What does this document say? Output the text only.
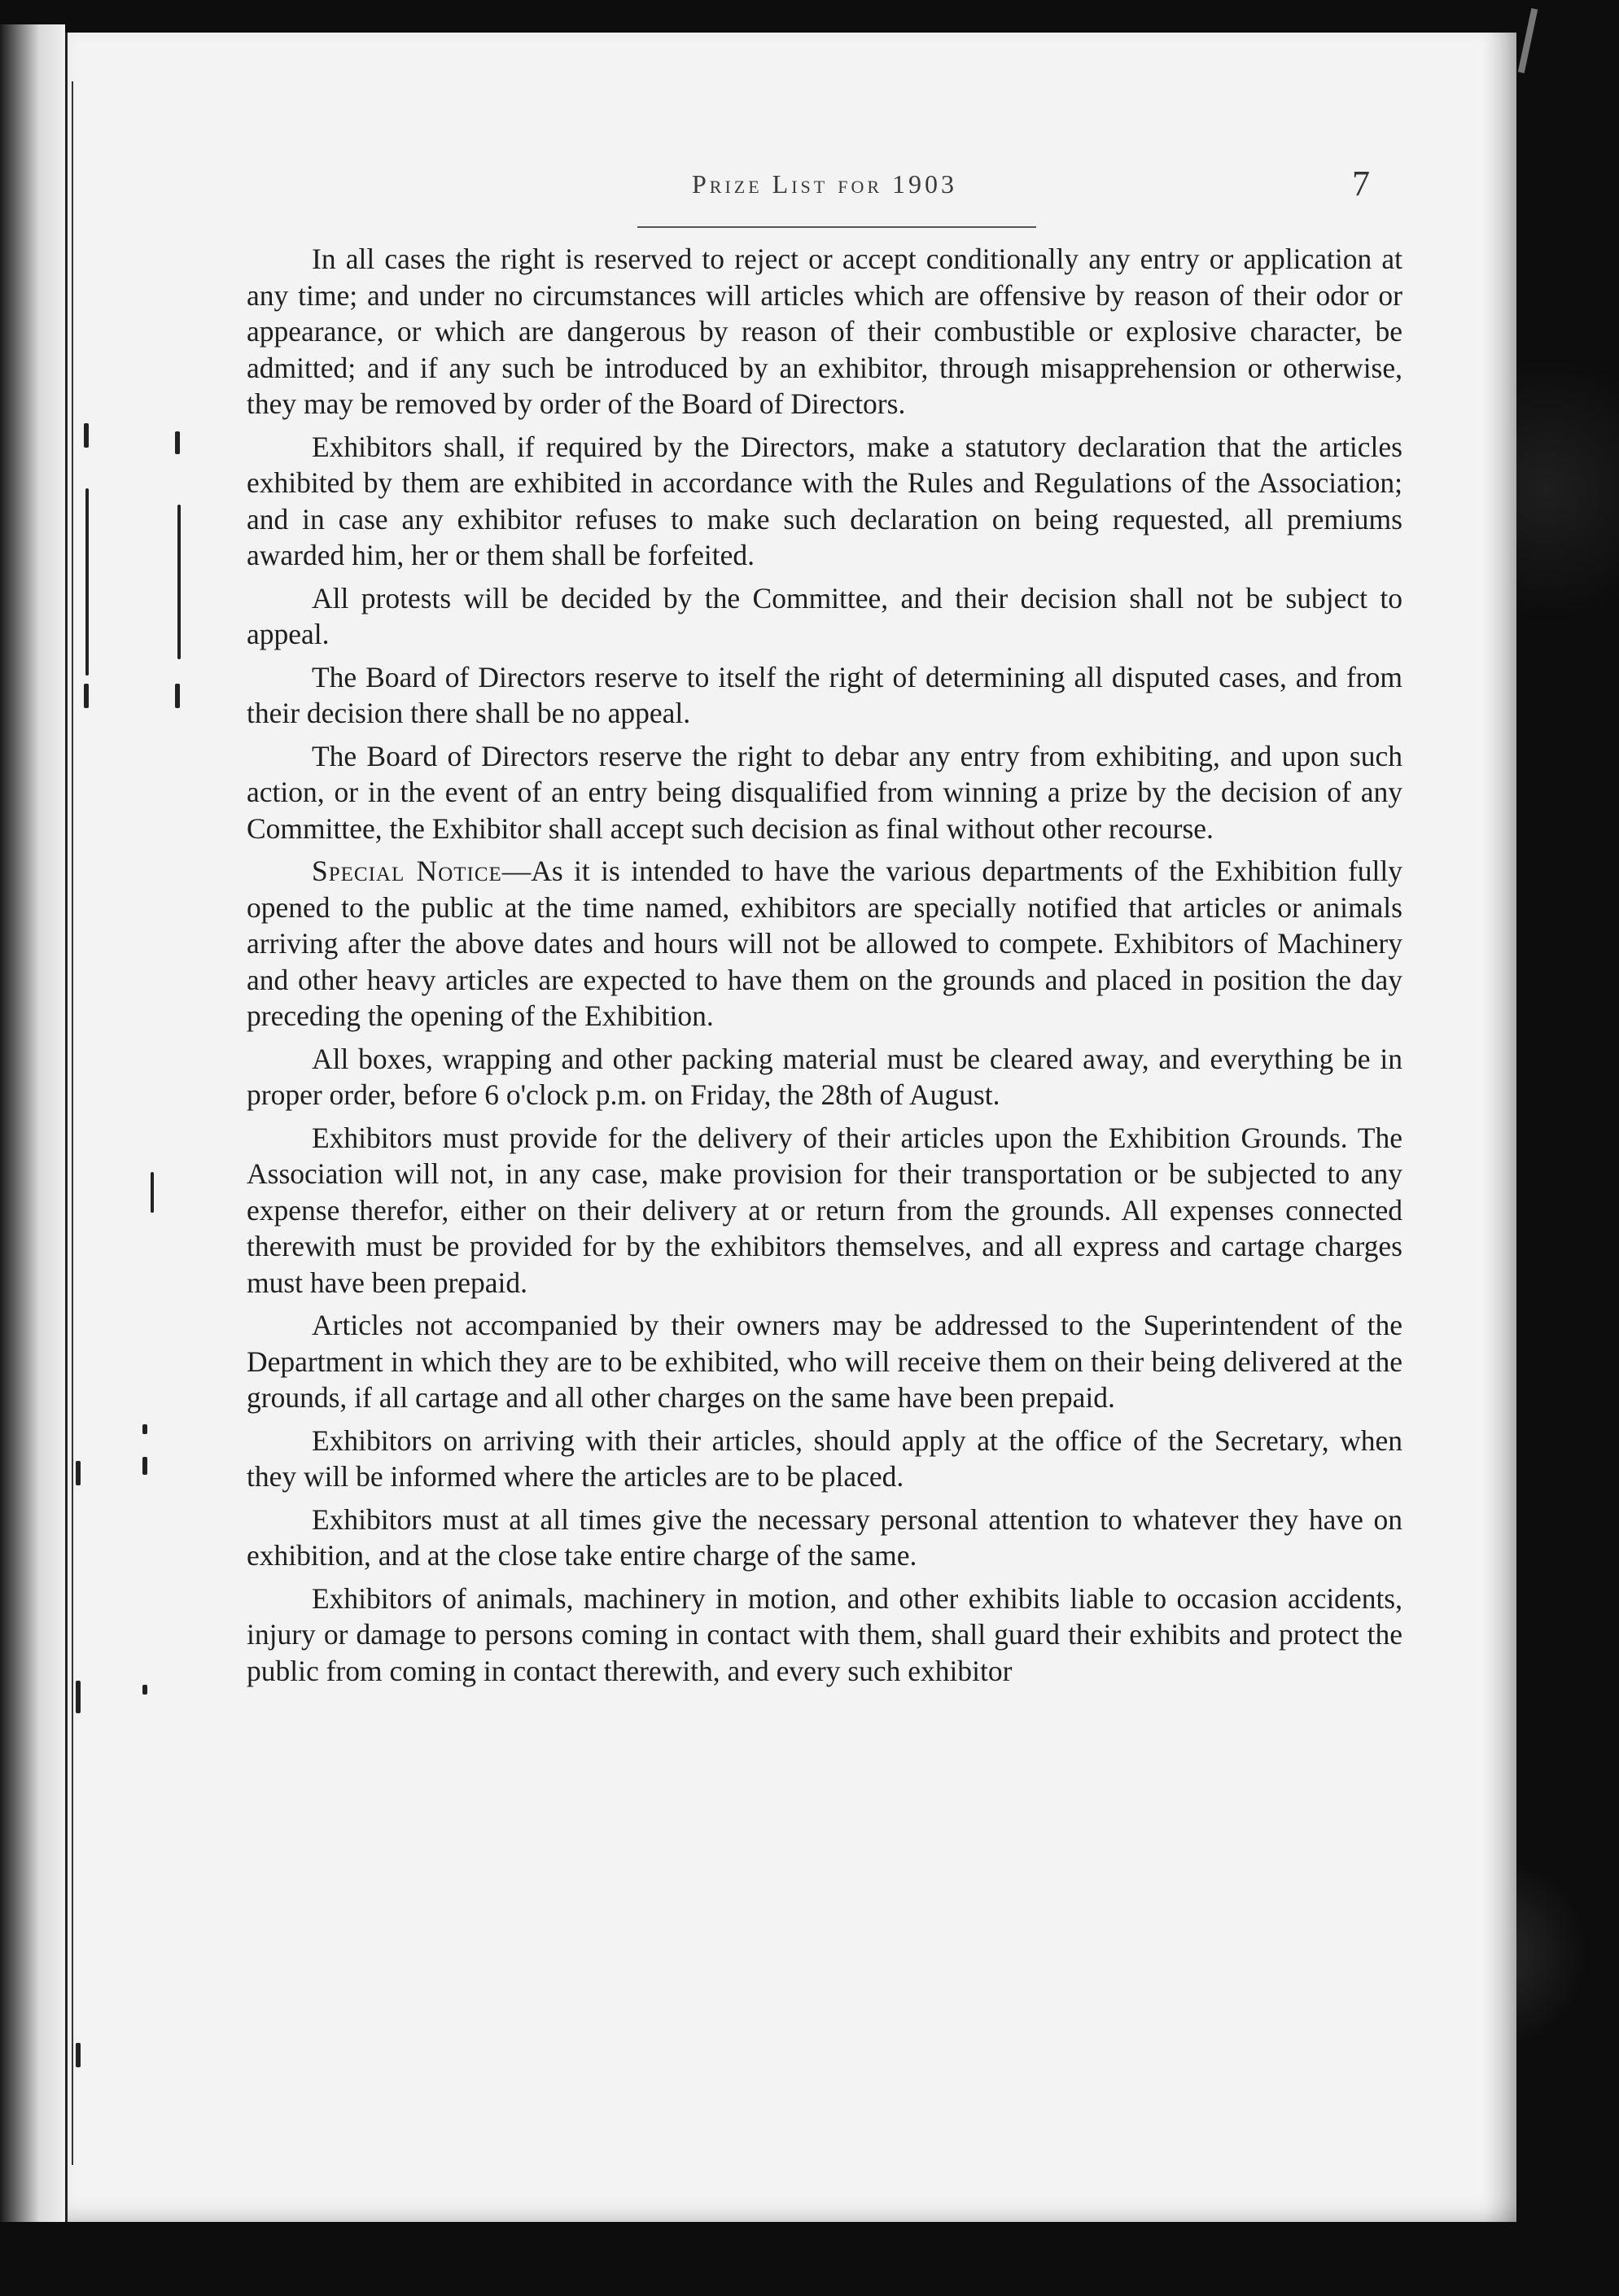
Prize List for 1903	7

In all cases the right is reserved to reject or accept conditionally any entry or application at any time; and under no circumstances will articles which are offensive by reason of their odor or appearance, or which are dangerous by reason of their combustible or explosive character, be admitted; and if any such be introduced by an exhibitor, through misapprehension or otherwise, they may be removed by order of the Board of Directors.

Exhibitors shall, if required by the Directors, make a statutory declaration that the articles exhibited by them are exhibited in accordance with the Rules and Regulations of the Association; and in case any exhibitor refuses to make such declaration on being requested, all premiums awarded him, her or them shall be forfeited.

All protests will be decided by the Committee, and their decision shall not be subject to appeal.

The Board of Directors reserve to itself the right of determining all disputed cases, and from their decision there shall be no appeal.

The Board of Directors reserve the right to debar any entry from exhibiting, and upon such action, or in the event of an entry being disqualified from winning a prize by the decision of any Committee, the Exhibitor shall accept such decision as final without other recourse.

Special Notice—As it is intended to have the various departments of the Exhibition fully opened to the public at the time named, exhibitors are specially notified that articles or animals arriving after the above dates and hours will not be allowed to compete. Exhibitors of Machinery and other heavy articles are expected to have them on the grounds and placed in position the day preceding the opening of the Exhibition.

All boxes, wrapping and other packing material must be cleared away, and everything be in proper order, before 6 o'clock p.m. on Friday, the 28th of August.

Exhibitors must provide for the delivery of their articles upon the Exhibition Grounds. The Association will not, in any case, make provision for their transportation or be subjected to any expense therefor, either on their delivery at or return from the grounds. All expenses connected therewith must be provided for by the exhibitors themselves, and all express and cartage charges must have been prepaid.

Articles not accompanied by their owners may be addressed to the Superintendent of the Department in which they are to be exhibited, who will receive them on their being delivered at the grounds, if all cartage and all other charges on the same have been prepaid.

Exhibitors on arriving with their articles, should apply at the office of the Secretary, when they will be informed where the articles are to be placed.

Exhibitors must at all times give the necessary personal attention to whatever they have on exhibition, and at the close take entire charge of the same.

Exhibitors of animals, machinery in motion, and other exhibits liable to occasion accidents, injury or damage to persons coming in contact with them, shall guard their exhibits and protect the public from coming in contact therewith, and every such exhibitor
